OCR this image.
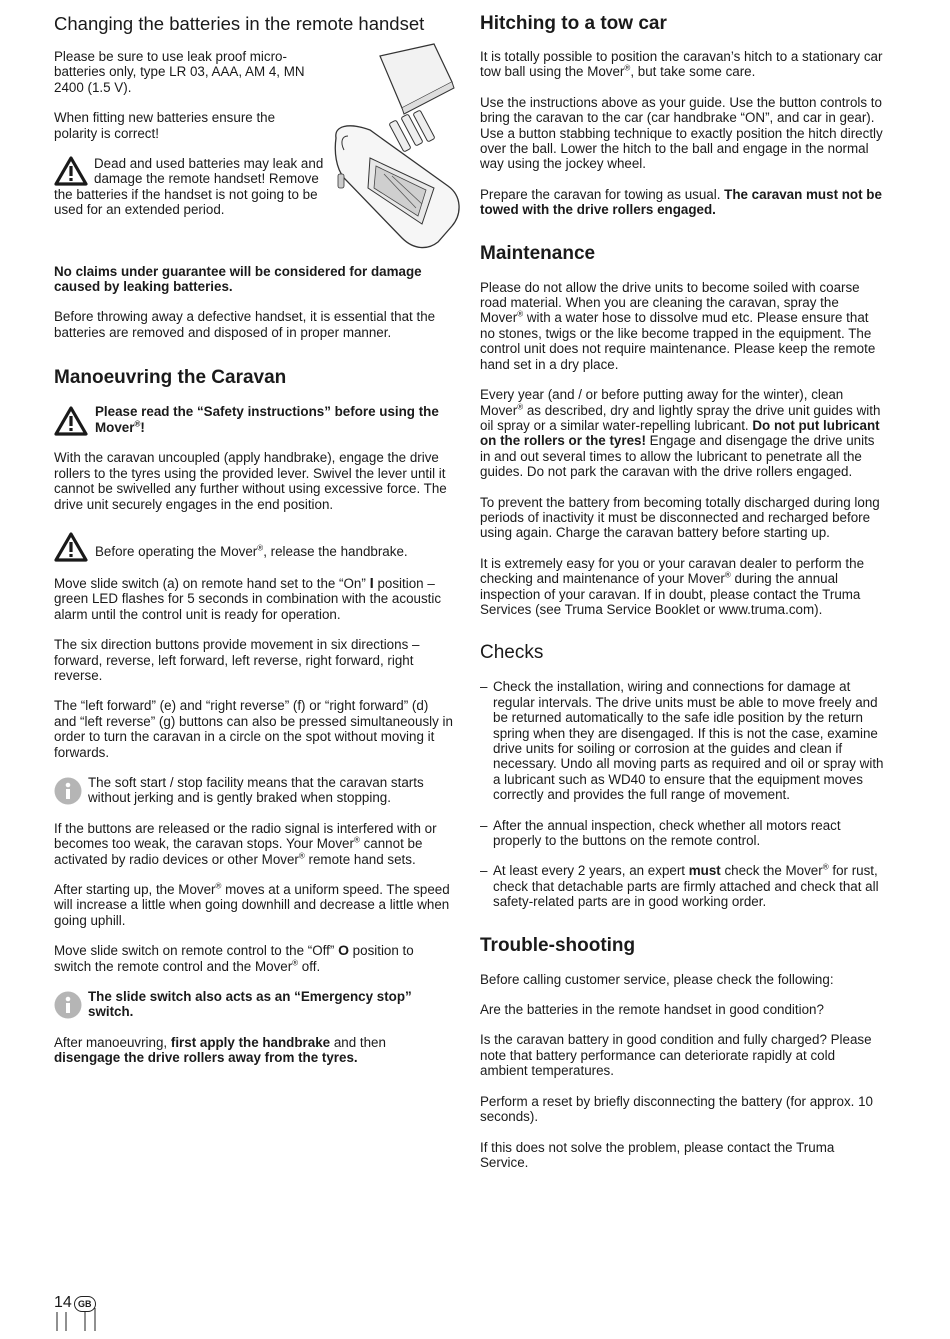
Changing the batteries in the remote handset

Please be sure to use leak proof micro-batteries only, type LR 03, AAA, AM 4, MN 2400 (1.5 V).

When fitting new batteries ensure the polarity is correct!

Dead and used batteries may leak and damage the remote handset! Remove the batteries if the handset is not going to be used for an extended period.

No claims under guarantee will be considered for damage caused by leaking batteries.

Before throwing away a defective handset, it is essential that the batteries are removed and disposed of in proper manner.

Manoeuvring the Caravan

Please read the “Safety instructions” before using the Mover®!

With the caravan uncoupled (apply handbrake), engage the drive rollers to the tyres using the provided lever. Swivel the lever until it cannot be swivelled any further without using excessive force. The drive unit securely engages in the end position.

Before operating the Mover®, release the handbrake.

Move slide switch (a) on remote hand set to the “On” I position – green LED flashes for 5 seconds in combination with the acoustic alarm until the control unit is ready for operation.

The six direction buttons provide movement in six directions – forward, reverse, left forward, left reverse, right forward, right reverse.

The “left forward” (e) and “right reverse” (f) or “right forward” (d) and “left reverse” (g) buttons can also be pressed simultaneously in order to turn the caravan in a circle on the spot without moving it forwards.

The soft start / stop facility means that the caravan starts without jerking and is gently braked when stopping.

If the buttons are released or the radio signal is interfered with or becomes too weak, the caravan stops. Your Mover® cannot be activated by radio devices or other Mover® remote hand sets.

After starting up, the Mover® moves at a uniform speed. The speed will increase a little when going downhill and decrease a little when going uphill.

Move slide switch on remote control to the “Off” O position to switch the remote control and the Mover® off.

The slide switch also acts as an “Emergency stop” switch.

After manoeuvring, first apply the handbrake and then disengage the drive rollers away from the tyres.

Hitching to a tow car

It is totally possible to position the caravan’s hitch to a stationary car tow ball using the Mover®, but take some care.

Use the instructions above as your guide. Use the button controls to bring the caravan to the car (car handbrake “ON”, and car in gear). Use a button stabbing technique to exactly position the hitch directly over the ball. Lower the hitch to the ball and engage in the normal way using the jockey wheel.

Prepare the caravan for towing as usual. The caravan must not be towed with the drive rollers engaged.

Maintenance

Please do not allow the drive units to become soiled with coarse road material. When you are cleaning the caravan, spray the Mover® with a water hose to dissolve mud etc. Please ensure that no stones, twigs or the like become trapped in the equipment. The control unit does not require maintenance. Please keep the remote hand set in a dry place.

Every year (and / or before putting away for the winter), clean Mover® as described, dry and lightly spray the drive unit guides with oil spray or a similar water-repelling lubricant. Do not put lubricant on the rollers or the tyres! Engage and disengage the drive units in and out several times to allow the lubricant to penetrate all the guides. Do not park the caravan with the drive rollers engaged.

To prevent the battery from becoming totally discharged during long periods of inactivity it must be disconnected and recharged before using again. Charge the caravan battery before starting up.

It is extremely easy for you or your caravan dealer to perform the checking and maintenance of your Mover® during the annual inspection of your caravan. If in doubt, please contact the Truma Services (see Truma Service Booklet or www.truma.com).

Checks
– Check the installation, wiring and connections for damage at regular intervals. The drive units must be able to move freely and be returned automatically to the safe idle position by the return spring when they are disengaged. If this is not the case, examine drive units for soiling or corrosion at the guides and clean if necessary. Undo all moving parts as required and oil or spray with a lubricant such as WD40 to ensure that the equipment moves correctly and provides the full range of movement.
– After the annual inspection, check whether all motors react properly to the buttons on the remote control.
– At least every 2 years, an expert must check the Mover® for rust, check that detachable parts are firmly attached and check that all safety-related parts are in good working order.
Trouble-shooting

Before calling customer service, please check the following:

Are the batteries in the remote handset in good condition?

Is the caravan battery in good condition and fully charged? Please note that battery performance can deteriorate rapidly at cold ambient temperatures.

Perform a reset by briefly disconnecting the battery (for approx. 10 seconds).

If this does not solve the problem, please contact the Truma Service.

14 GB
